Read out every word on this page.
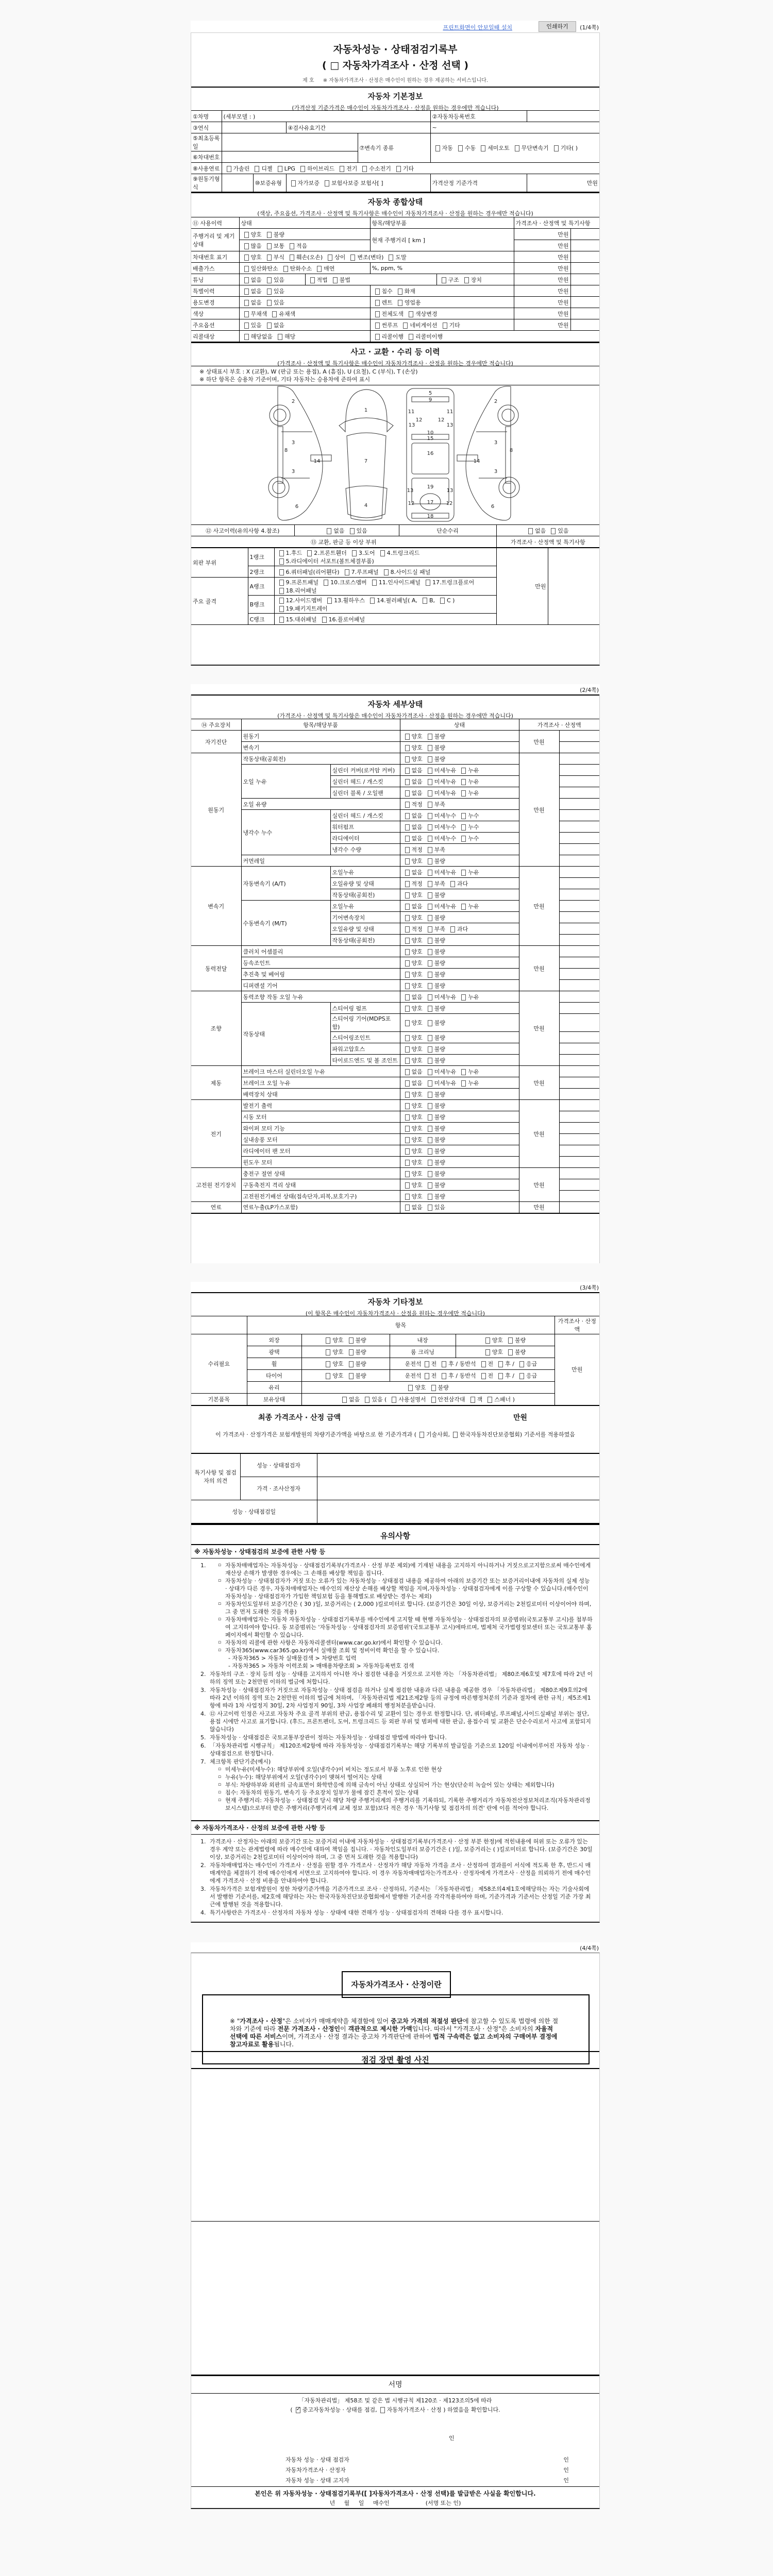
프린트화면이 안보일때 설치	인쇄하기	(1/4쪽)
자동차성능 · 상태점검기록부
( □ 자동차가격조사 · 산정 선택 )
제 호 ※ 자동차가격조사 · 산정은 매수인이 원하는 경우 제공하는 서비스입니다.
자동차 기본정보
(가격산정 기준가격은 매수인이 자동차가격조사 · 산정을 원하는 경우에만 적습니다)
①차명	(세부모델 : )				②자동차등록번호	
③연식			④검사유효기간		~	
⑤최초등록일				⑦변속기 종류	자동 수동 세미오토 무단변속기 기타( )	
⑥차대번호						
⑧사용연료	가솔린 디젤 LPG 하이브리드 전기 수소전기 기타					
⑨원동기형식		⑩보증유형	자가보증 보험사보증 보험사[ ]		가격산정 기준가격	만원
자동차 종합상태
(색상, 주요옵션, 가격조사 · 산정액 및 특기사항은 매수인이 자동차가격조사 · 산정을 원하는 경우에만 적습니다)
⑪ 사용이력	상태		항목/해당부품		가격조사 · 산정액 및 특기사항	
주행거리 및 계기상태	양호 불량		현재 주행거리 [ km ]		만원	
	많음 보통 적음				만원	
차대번호 표기	양호 부식 훼손(오손) 상이 변조(변타) 도말				만원	
배출가스	일산화탄소 탄화수소 매연		%, ppm, %		만원	
튜닝	없음 있음	적법 불법		구조 장치	만원	
특별이력	없음 있음		침수 화재		만원	
용도변경	없음 있음		렌트 영업용		만원	
색상	무채색 유채색		전체도색 색상변경		만원	
주요옵션	있음 없음		썬루프 네비게이션 기타		만원	
리콜대상	해당없음 해당		리콜이행 리콜미이행			
사고 · 교환 · 수리 등 이력
(가격조사 · 산정액 및 특기사항은 매수인이 자동차가격조사 · 산정을 원하는 경우에만 적습니다)
※ 상태표시 부호 : X (교환), W (판금 또는 용접), A (흠집), U (요철), C (부식), T (손상)
※ 하단 항목은 승용차 기준이며, 기타 자동차는 승용차에 준하여 표시
2
3
8
14
3
6
1
7
4
5
9
11	11
12	12
13	13
10
15
16
19
13	13
12 17 12
18
2
3
8
14
3
6
⑫ 사고이력(유의사항 4.참조)	없음 있음	단순수리	없음 있음
⑬ 교환, 판금 등 이상 부위			가격조사 · 산정액 및 특기사항
외판 부위	1랭크	1.후드 2.프론트휀더 3.도어 4.트렁크리드5.라디에이터 서포트(볼트체결부품)	만원	
	2랭크	6.쿼터패널(리어휀다) 7.루프패널 8.사이드실 패널		
주요 골격	A랭크	9.프론트패널 10.크로스멤버 11.인사이드패널 17.트렁크플로어18.리어패널		
	B랭크	12.사이드멤버 13.휠하우스 14.필러패널( A, B, C )19.패키지트레이		
	C랭크	15.대쉬패널 16.플로어패널		
(2/4쪽)
자동차 세부상태
(가격조사 · 산정액 및 특기사항은 매수인이 자동차가격조사 · 산정을 원하는 경우에만 적습니다)
⑭ 주요장치	항목/해당부품		상태	가격조사 · 산정액	
자기진단	원동기		양호 불량	만원	
	변속기		양호 불량		
원동기	작동상태(공회전)		양호 불량	만원	
	오일 누유	실린더 커버(로커암 커버)	없음 미세누유 누유		
		실린더 헤드 / 개스킷	없음 미세누유 누유		
		실린더 블록 / 오일팬	없음 미세누유 누유		
	오일 유량		적정 부족		
	냉각수 누수	실린더 헤드 / 개스킷	없음 미세누수 누수		
		워터펌프	없음 미세누수 누수		
		라디에이터	없음 미세누수 누수		
		냉각수 수량	적정 부족		
	커먼레일		양호 불량		
변속기	자동변속기 (A/T)	오일누유	없음 미세누유 누유	만원	
		오일유량 및 상태	적정 부족 과다		
		작동상태(공회전)	양호 불량		
	수동변속기 (M/T)	오일누유	없음 미세누유 누유		
		기어변속장치	양호 불량		
		오일유량 및 상태	적정 부족 과다		
		작동상태(공회전)	양호 불량		
동력전달	클러치 어셈블리		양호 불량	만원	
	등속조인트		양호 불량		
	추진축 및 베어링		양호 불량		
	디퍼렌셜 기어		양호 불량		
조향	동력조향 작동 오일 누유		없음 미세누유 누유	만원	
	작동상태	스티어링 펌프	양호 불량		
		스티어링 기어(MDPS포함)	양호 불량		
		스티어링조인트	양호 불량		
		파워고압호스	양호 불량		
		타이로드엔드 및 볼 조인트	양호 불량		
제동	브레이크 마스터 실린더오일 누유		없음 미세누유 누유	만원	
	브레이크 오일 누유		없음 미세누유 누유		
	배력장치 상태		양호 불량		
전기	발전기 출력		양호 불량	만원	
	시동 모터		양호 불량		
	와이퍼 모터 기능		양호 불량		
	실내송풍 모터		양호 불량		
	라디에이터 팬 모터		양호 불량		
	윈도우 모터		양호 불량		
고전원 전기장치	충전구 절연 상태		양호 불량	만원	
	구동축전지 격리 상태		양호 불량		
	고전원전기배선 상태(접속단자,피복,보호기구)		양호 불량		
연료	연료누출(LP가스포함)		없음 있음	만원	
(3/4쪽)
자동차 기타정보
(이 항목은 매수인이 자동차가격조사 · 산정을 원하는 경우에만 적습니다)
	항목				가격조사 · 산정액
수리필요	외장	양호 불량	내장	양호 불량	만원
	광택	양호 불량	룸 크리닝	양호 불량	
	휠	양호 불량	운전석 전 후 / 동반석 전 후 / 응급		
	타이어	양호 불량	운전석 전 후 / 동반석 전 후 / 응급		
	유리	양호 불량			
기본품목	보유상태	없음 있음 ( 사용설명서 안전삼각대 잭 스패너 )			
최종 가격조사 · 산정 금액	만원
이 가격조사 · 산정가격은 보험개발원의 차량기준가액을 바탕으로 한 기준가격과 ( 기술사회, 한국자동차진단보증협회) 기준서를 적용하였음
특기사항 및 점검자의 의견	성능 · 상태점검자	
	가격 · 조사산정자	
성능 · 상태점검일		
유의사항
※ 자동차성능 · 상태점검의 보증에 관한 사항 등
1.	▫ 자동차매매업자는 자동차성능 · 상태점검기록부(가격조사 · 산정 부분 제외)에 기재된 내용을 고지하지 아니하거나 거짓으로고지함으로써 매수인에게 재산상 손해가 발생한 경우에는 그 손해를 배상할 책임을 집니다.
▫ 자동차성능 · 상태점검자가 거짓 또는 오류가 있는 자동차성능 · 상태점검 내용을 제공하여 아래의 보증기간 또는 보증거리이내에 자동차의 실제 성능 · 상태가 다른 경우, 자동차매매업자는 매수인의 재산상 손해를 배상할 책임을 지며,자동차성능 · 상태점검자에게 이를 구상할 수 있습니다.(매수인이 자동차성능 · 상태점검자가 가입한 책임보험 등을 통해별도로 배상받는 경우는 제외)
▫ 자동차인도일부터 보증기간은 ( 30 )일, 보증거리는 ( 2,000 )킬로미터로 합니다. (보증기간은 30일 이상, 보증거리는 2천킬로미터 이상이어야 하며, 그 중 먼저 도래한 것을 적용)
▫ 자동차매매업자는 자동차 자동차성능 · 상태점검기록부를 매수인에게 고지할 때 현행 자동차성능 · 상태점검자의 보증범위(국토교통부 고시)를 첨부하여 고지하여야 합니다. 동 보증범위는 '자동차성능 · 상태점검자의 보증범위'(국토교통부 고시)에따르며, 법제처 국가법령정보센터 또는 국토교통부 홈페이지에서 확인할 수 있습니다.
▫ 자동차의 리콜에 관한 사항은 자동차리콜센터(www.car.go.kr)에서 확인할 수 있습니다.
▫ 자동차365(www.car365.go.kr)에서 실매물 조회 및 정비이력 확인을 할 수 있습니다.
- 자동차365 > 자동차 실매물검색 > 차량번호 입력
- 자동차365 > 자동차 이력조회 > 매매용차량조회 > 자동차등록번호 검색
2. 자동차의 구조 · 장치 등의 성능 · 상태를 고지하지 아니한 자나 점검한 내용을 거짓으로 고지한 자는 「자동차관리법」 제80조제6호및 제7호에 따라 2년 이하의 징역 또는 2천만원 이하의 벌금에 처합니다.
3. 자동차성능 · 상태점검자가 거짓으로 자동차성능 · 상태 점검을 하거나 실제 점검한 내용과 다른 내용을 제공한 경우 「자동차관리법」 제80조제9호의2에 따라 2년 이하의 징역 또는 2천만원 이하의 벌금에 처하며, 「자동차관리법 제21조제2항 등의 규정에 따른행정처분의 기준과 절차에 관한 규칙」제5조제1항에 따라 1차 사업정지 30일, 2차 사업정지 90일, 3차 사업장 폐쇄의 행정처분을받습니다.
4. ⑫ 사고이력 인정은 사고로 자동차 주요 골격 부위의 판금, 용접수리 및 교환이 있는 경우로 한정합니다. 단, 쿼터패널, 루프패널,사이드실패널 부위는 절단, 용접 시에만 사고로 표기합니다. (후드, 프론트펜더, 도어, 트렁크리드 등 외판 부위 및 범퍼에 대한 판금, 용접수리 및 교환은 단순수리로서 사고에 포함되지않습니다)
5. 자동차성능 · 상태점검은 국토교통부장관이 정하는 자동차성능 · 상태점검 방법에 따라야 합니다.
6. 「자동차관리법 시행규칙」 제120조제2항에 따라 자동차성능 · 상태점검기록부는 해당 기록부의 발급일을 기준으로 120일 이내에이루어진 자동차 성능 · 상태점검으로 한정합니다.
7. 체크항목 판단기준(예시)
▫ 미세누유(미세누수): 해당부위에 오일(냉각수)이 비치는 정도로서 부품 노후로 인한 현상
▫ 누유(누수): 해당부위에서 오일(냉각수)이 맺혀서 떨어지는 상태
▫ 부식: 차량하부와 외판의 금속표면이 화학반응에 의해 금속이 아닌 상태로 상실되어 가는 현상(단순히 녹슬어 있는 상태는 제외합니다)
▫ 침수: 자동차의 원동기, 변속기 등 주요장치 일부가 물에 잠긴 흔적이 있는 상태
▫ 현재 주행거리: 자동차성능 · 상태점검 당시 해당 차량 주행거리계의 주행거리를 기록하되, 기록한 주행거리가 자동차전산정보처리조직(자동차관리정보시스템)으로부터 받은 주행거리(주행거리계 교체 정보 포함)보다 적은 경우 '특기사항 및 점검자의 의견' 란에 이를 적어야 합니다.
※ 자동차가격조사 · 산정의 보증에 관한 사항 등
1. 가격조사 · 산정자는 아래의 보증기간 또는 보증거리 이내에 자동차성능 · 상태점검기록부(가격조사 · 산정 부분 한정)에 적힌내용에 허위 또는 오류가 있는 경우 계약 또는 관계법령에 따라 매수인에 대하여 책임을 집니다. · 자동차인도일부터 보증기간은 ( )일, 보증거리는 ( )킬로미터로 합니다. (보증기간은 30일 이상, 보증거리는 2천킬로미터 이상이어야 하며, 그 중 먼저 도래한 것을 적용합니다)
2. 자동차매매업자는 매수인이 가격조사 · 산정을 원할 경우 가격조사 · 산정자가 해당 자동차 가격을 조사 · 산정하여 결과를이 서식에 적도록 한 후, 반드시 매매계약을 체결하기 전에 매수인에게 서면으로 고지하여야 합니다. 이 경우 자동차매매업자는가격조사 · 산정자에게 가격조사 · 산정을 의뢰하기 전에 매수인에게 가격조사 · 산정 비용을 안내하여야 합니다.
3. 자동차가격은 보험개발원이 정한 차량기준가액을 기준가격으로 조사 · 산정하되, 기준서는 「자동차관리법」 제58조의4제1호에해당하는 자는 기술사회에서 발행한 기준서를, 제2호에 해당하는 자는 한국자동차진단보증협회에서 발행한 기준서를 각각적용하여야 하며, 기준가격과 기준서는 산정일 기준 가장 최근에 발행된 것을 적용합니다.
4. 특기사항란은 가격조사 · 산정자의 자동차 성능 · 상태에 대한 견해가 성능 · 상태점검자의 견해와 다를 경우 표시합니다.
(4/4쪽)
자동차가격조사 · 산정이란
※ "가격조사 · 산정"은 소비자가 매매계약을 체결함에 있어 중고차 가격의 적절성 판단에 참고할 수 있도록 법령에 의한 절차와 기준에 따라 전문 가격조사 · 산정인이 객관적으로 제시한 가액입니다. 따라서 "가격조사 · 산정"은 소비자의 자율적 선택에 따른 서비스이며, 가격조사 · 산정 결과는 중고차 가격판단에 관하여 법적 구속력은 없고 소비자의 구매여부 결정에 참고자료로 활용됩니다.
점검 장면 촬영 사진
서명
「자동차관리법」 제58조 및 같은 법 시행규칙 제120조 · 제123조의5에 따라
( ✓ 중고자동차성능 · 상태를 점검, 자동차가격조사 · 산정 ) 하였음을 확인합니다.
인
자동차 성능 · 상태 점검자	인
자동차가격조사 · 산정자	인
자동차 성능 · 상태 고지자	인
본인은 위 자동차성능 · 상태점검기록부([ ]자동차가격조사 · 산정 선택)를 발급받은 사실을 확인합니다.
년     월     일     매수인                    (서명 또는 인)
